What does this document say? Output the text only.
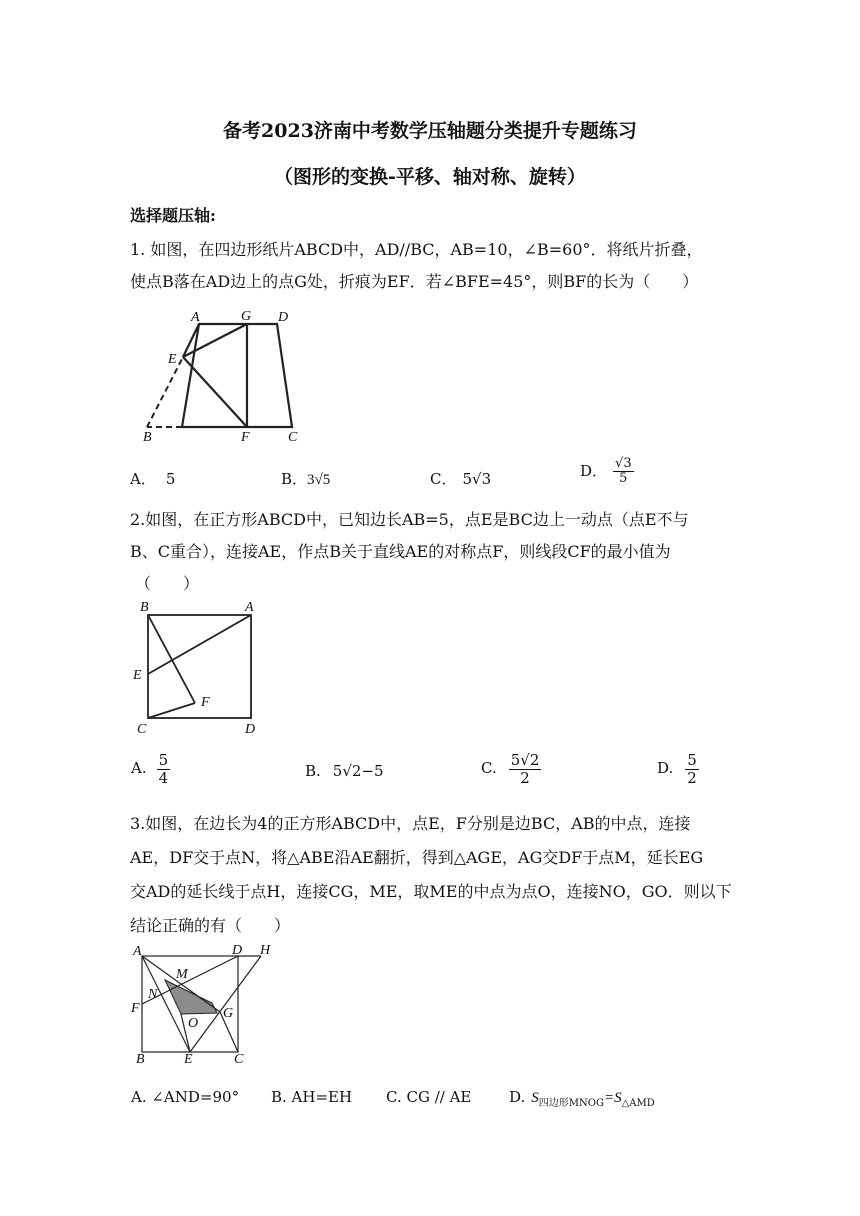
备考2023济南中考数学压轴题分类提升专题练习
（图形的变换-平移、轴对称、旋转）
选择题压轴:
1. 如图，在四边形纸片ABCD中，AD//BC，AB=10，∠B=60°．将纸片折叠，
使点B落在AD边上的点G处，折痕为EF．若∠BFE=45°，则BF的长为（　　）
A	G D
E
B	F	C
A． 5	B．3√5	C． 5√3	D． $\frac{√3}{5}$
2.如图，在正方形ABCD中，已知边长AB=5，点E是BC边上一动点（点E不与
B、C重合），连接AE，作点B关于直线AE的对称点F，则线段CF的最小值为
（　　）
B	A
E
F
C	D
A. $\frac{5}{4}$	B. 5√2−5	C. $\frac{5√2}{2}$	D. $\frac{5}{2}$
3.如图，在边长为4的正方形ABCD中，点E，F分别是边BC，AB的中点，连接
AE，DF交于点N，将△ABE沿AE翻折，得到△AGE，AG交DF于点M，延长EG
交AD的延长线于点H，连接CG，ME，取ME的中点为点O，连接NO，GO．则以下
结论正确的有（　　）
A	D H
M
N
F
O
G
B	E	C
A. ∠AND=90° B. AH=EH C. CG // AE	D. $S_{四边形MNOG}=S_{\triangle AMD}$
